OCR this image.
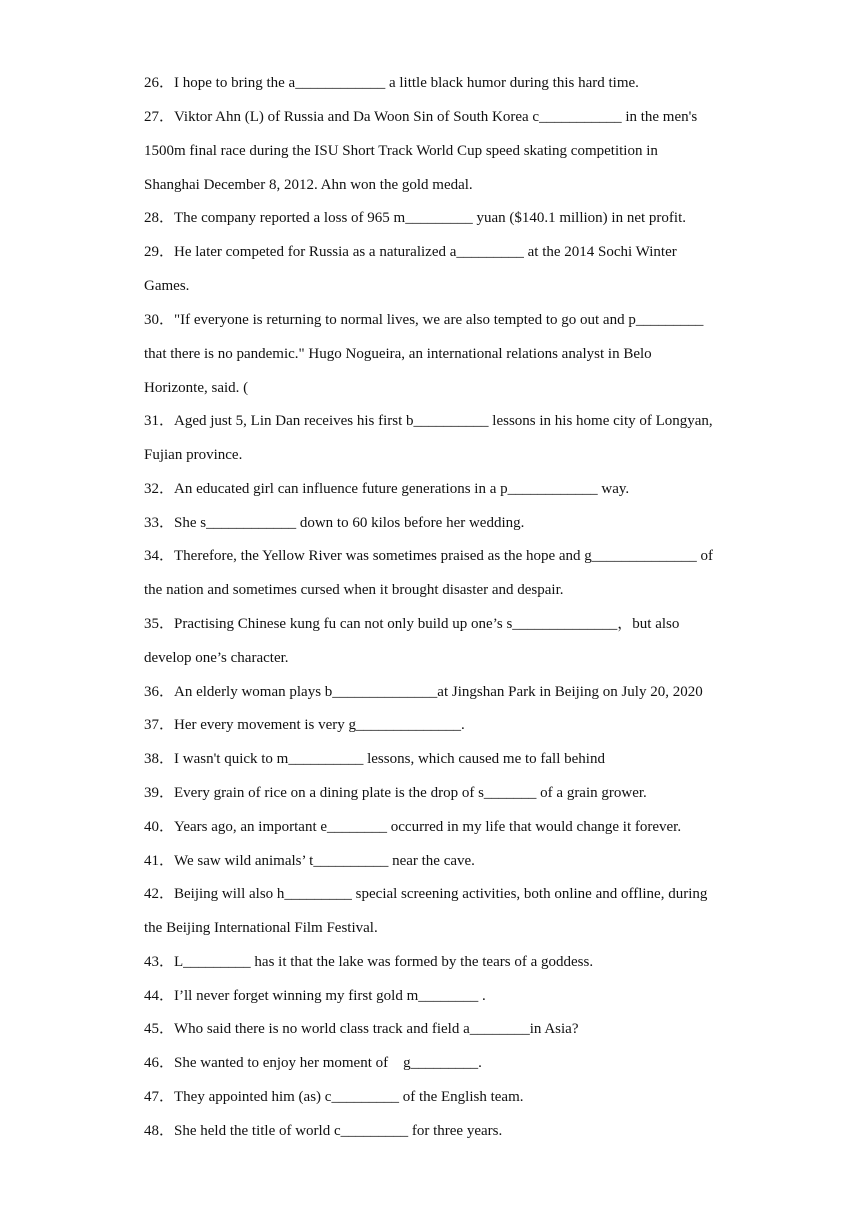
26．I hope to bring the a____________ a little black humor during this hard time.
27．Viktor Ahn (L) of Russia and Da Woon Sin of South Korea c___________ in the men's
1500m final race during the ISU Short Track World Cup speed skating competition in
Shanghai December 8, 2012. Ahn won the gold medal.
28．The company reported a loss of 965 m_________ yuan ($140.1 million) in net profit.
29．He later competed for Russia as a naturalized a_________ at the 2014 Sochi Winter
Games.
30．"If everyone is returning to normal lives, we are also tempted to go out and p_________
that there is no pandemic." Hugo Nogueira, an international relations analyst in Belo
Horizonte, said. (
31．Aged just 5, Lin Dan receives his first b__________ lessons in his home city of Longyan,
Fujian province.
32．An educated girl can influence future generations in a p____________ way.
33．She s____________ down to 60 kilos before her wedding.
34．Therefore, the Yellow River was sometimes praised as the hope and g______________ of
the nation and sometimes cursed when it brought disaster and despair.
35．Practising Chinese kung fu can not only build up one’s s______________，but also
develop one’s character.
36．An elderly woman plays b______________at Jingshan Park in Beijing on July 20, 2020
37．Her every movement is very g______________.
38．I wasn't quick to m__________ lessons, which caused me to fall behind
39．Every grain of rice on a dining plate is the drop of s_______ of a grain grower.
40．Years ago, an important e________ occurred in my life that would change it forever.
41．We saw wild animals’ t__________ near the cave.
42．Beijing will also h_________ special screening activities, both online and offline, during
the Beijing International Film Festival.
43．L_________ has it that the lake was formed by the tears of a goddess.
44．I’ll never forget winning my first gold m________ .
45．Who said there is no world class track and field a________in Asia?
46．She wanted to enjoy her moment of    g_________.
47．They appointed him (as) c_________ of the English team.
48．She held the title of world c_________ for three years.
